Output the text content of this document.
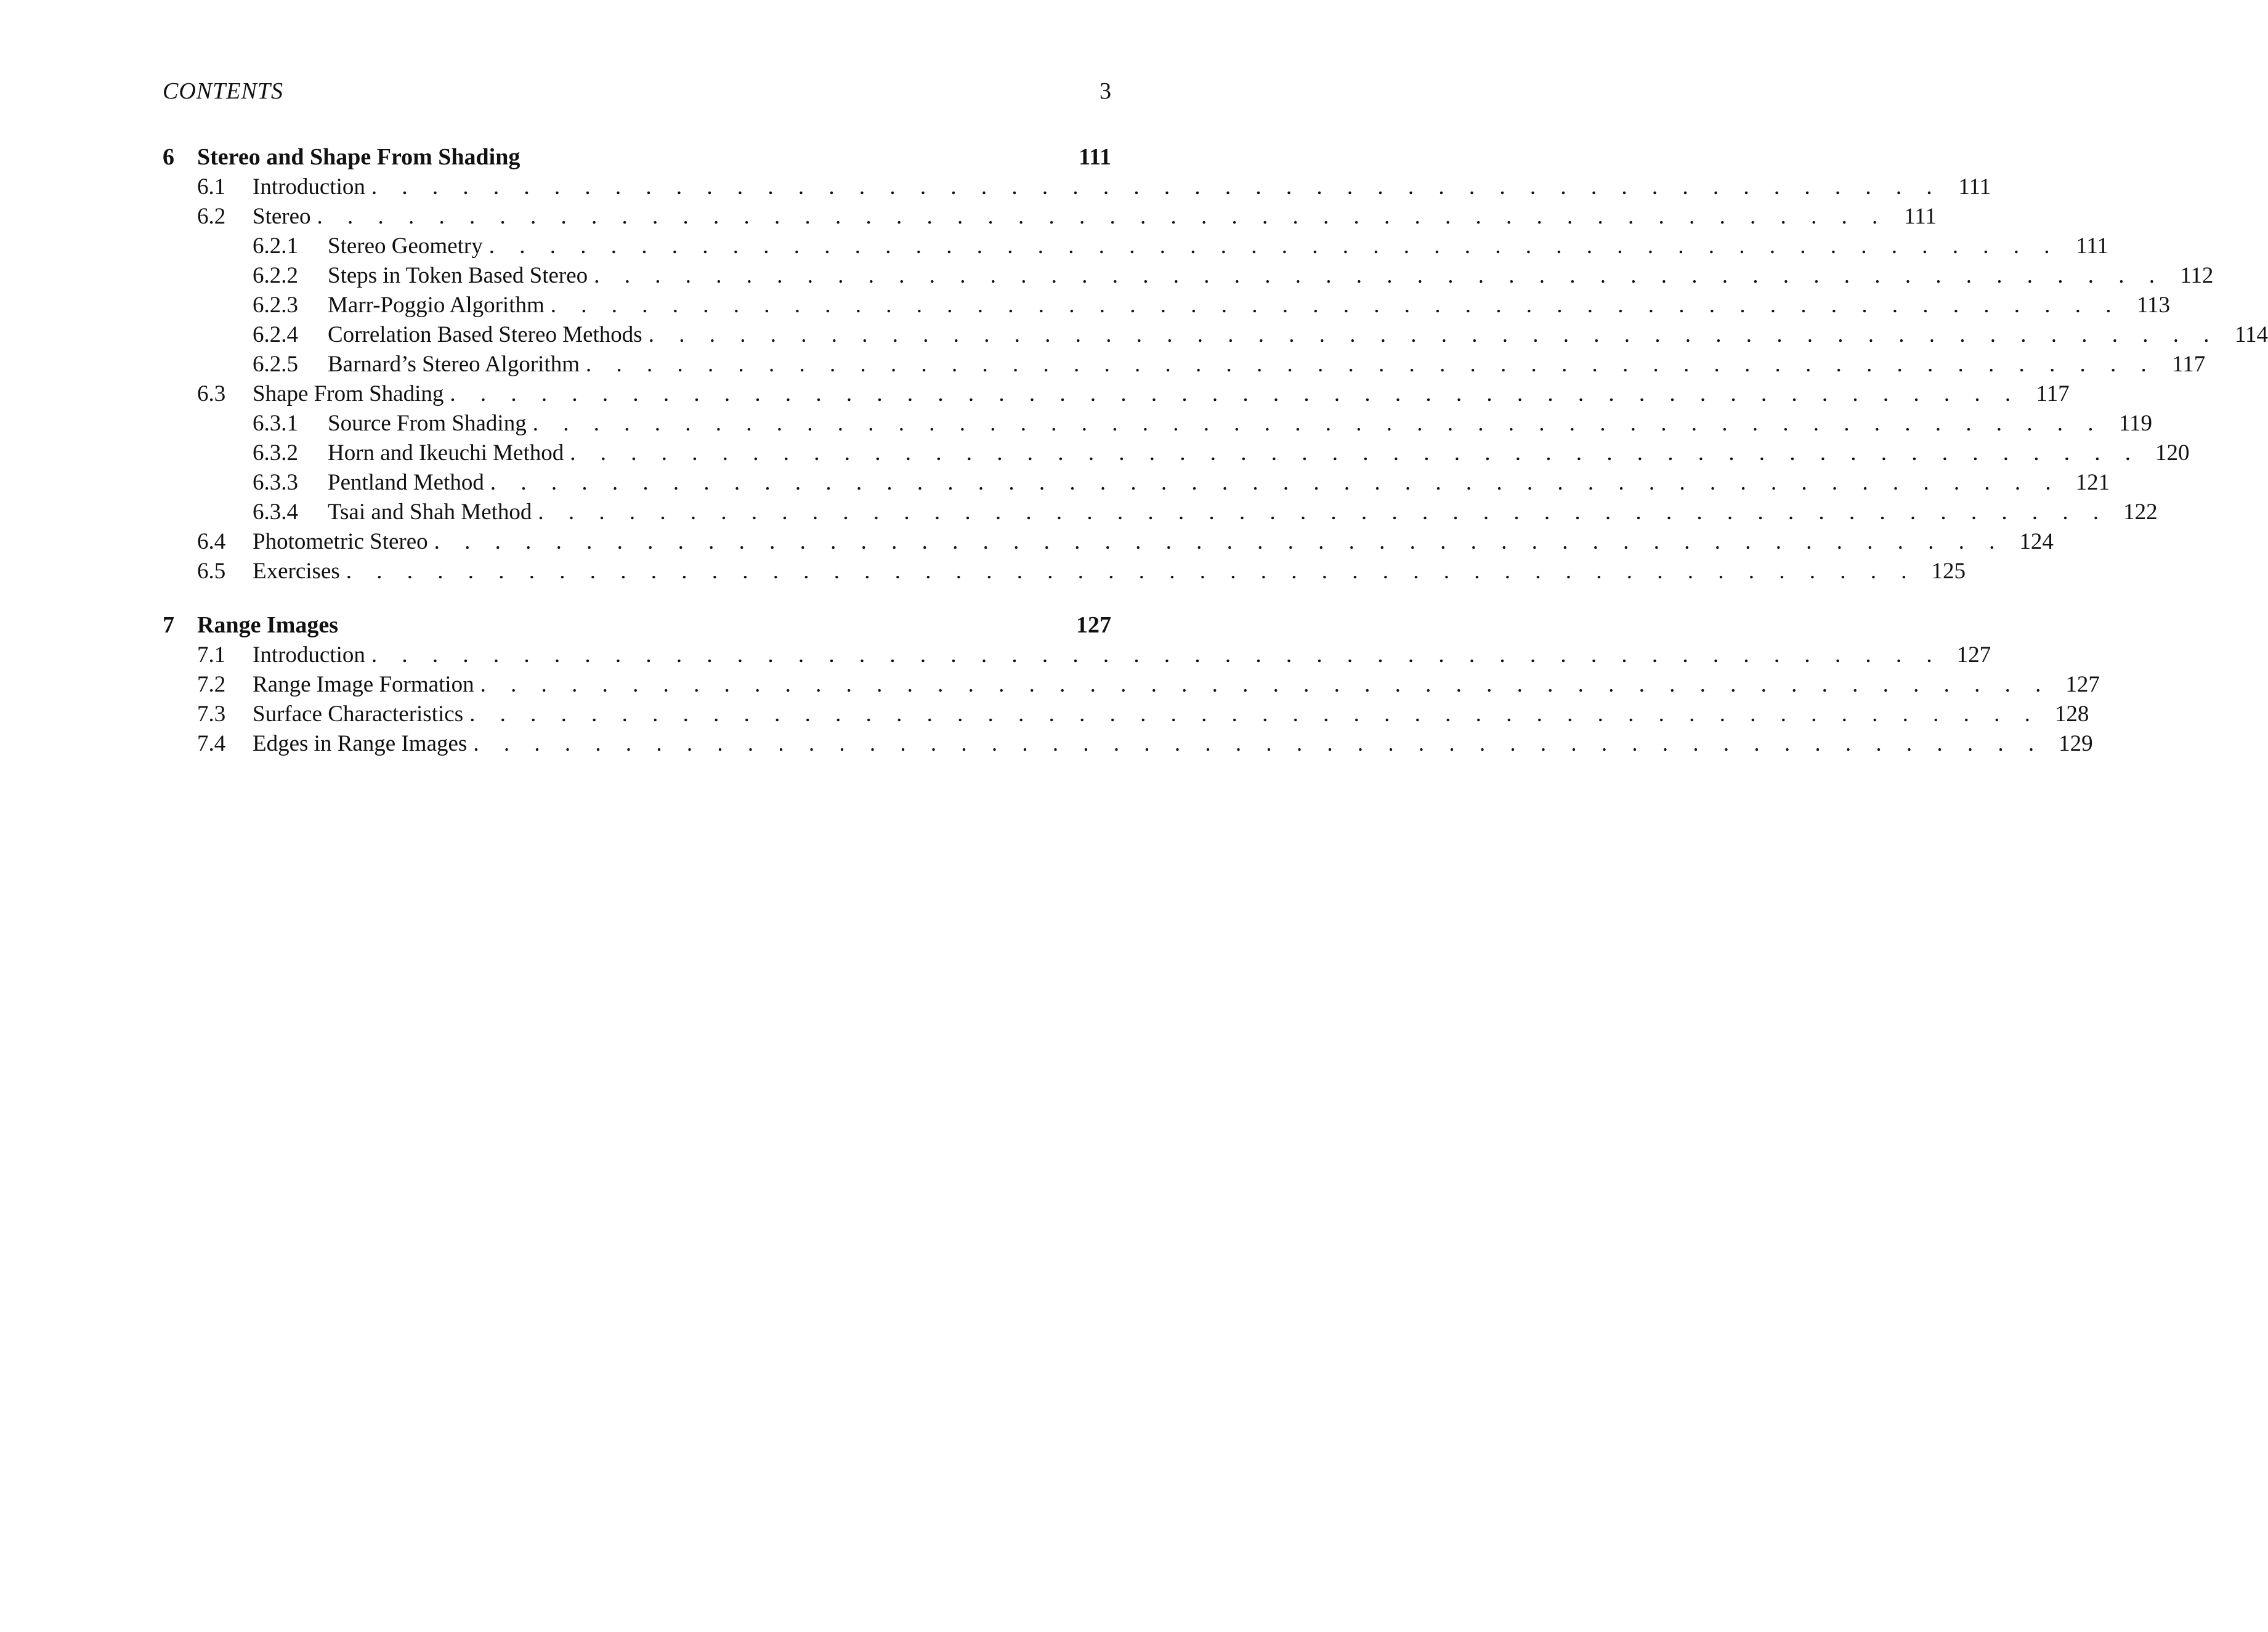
CONTENTS	3
6 Stereo and Shape From Shading	111
6.1 Introduction . . . . . . . . . . . . . . . . . . . . . . . . . . . . . . . . . . . . . . . . . . . . . . . . . . . . 111
6.2 Stereo . . . . . . . . . . . . . . . . . . . . . . . . . . . . . . . . . . . . . . . . . . . . . . . . . . . . 111
6.2.1 Stereo Geometry . . . . . . . . . . . . . . . . . . . . . . . . . . . . . . . . . . . . . . . . . . . . . . . . . . . . 111
6.2.2 Steps in Token Based Stereo . . . . . . . . . . . . . . . . . . . . . . . . . . . . . . . . . . . . . . . . . . . . . . . . . . . . 112
6.2.3 Marr-Poggio Algorithm . . . . . . . . . . . . . . . . . . . . . . . . . . . . . . . . . . . . . . . . . . . . . . . . . . . . 113
6.2.4 Correlation Based Stereo Methods . . . . . . . . . . . . . . . . . . . . . . . . . . . . . . . . . . . . . . . . . . . . . . . . . . . . 114
6.2.5 Barnard’s Stereo Algorithm . . . . . . . . . . . . . . . . . . . . . . . . . . . . . . . . . . . . . . . . . . . . . . . . . . . . 117
6.3 Shape From Shading . . . . . . . . . . . . . . . . . . . . . . . . . . . . . . . . . . . . . . . . . . . . . . . . . . . . 117
6.3.1 Source From Shading . . . . . . . . . . . . . . . . . . . . . . . . . . . . . . . . . . . . . . . . . . . . . . . . . . . . 119
6.3.2 Horn and Ikeuchi Method . . . . . . . . . . . . . . . . . . . . . . . . . . . . . . . . . . . . . . . . . . . . . . . . . . . . 120
6.3.3 Pentland Method . . . . . . . . . . . . . . . . . . . . . . . . . . . . . . . . . . . . . . . . . . . . . . . . . . . . 121
6.3.4 Tsai and Shah Method . . . . . . . . . . . . . . . . . . . . . . . . . . . . . . . . . . . . . . . . . . . . . . . . . . . . 122
6.4 Photometric Stereo . . . . . . . . . . . . . . . . . . . . . . . . . . . . . . . . . . . . . . . . . . . . . . . . . . . . 124
6.5 Exercises . . . . . . . . . . . . . . . . . . . . . . . . . . . . . . . . . . . . . . . . . . . . . . . . . . . . 125
7 Range Images	127
7.1 Introduction . . . . . . . . . . . . . . . . . . . . . . . . . . . . . . . . . . . . . . . . . . . . . . . . . . . . 127
7.2 Range Image Formation . . . . . . . . . . . . . . . . . . . . . . . . . . . . . . . . . . . . . . . . . . . . . . . . . . . . 127
7.3 Surface Characteristics . . . . . . . . . . . . . . . . . . . . . . . . . . . . . . . . . . . . . . . . . . . . . . . . . . . . 128
7.4 Edges in Range Images . . . . . . . . . . . . . . . . . . . . . . . . . . . . . . . . . . . . . . . . . . . . . . . . . . . . 129
